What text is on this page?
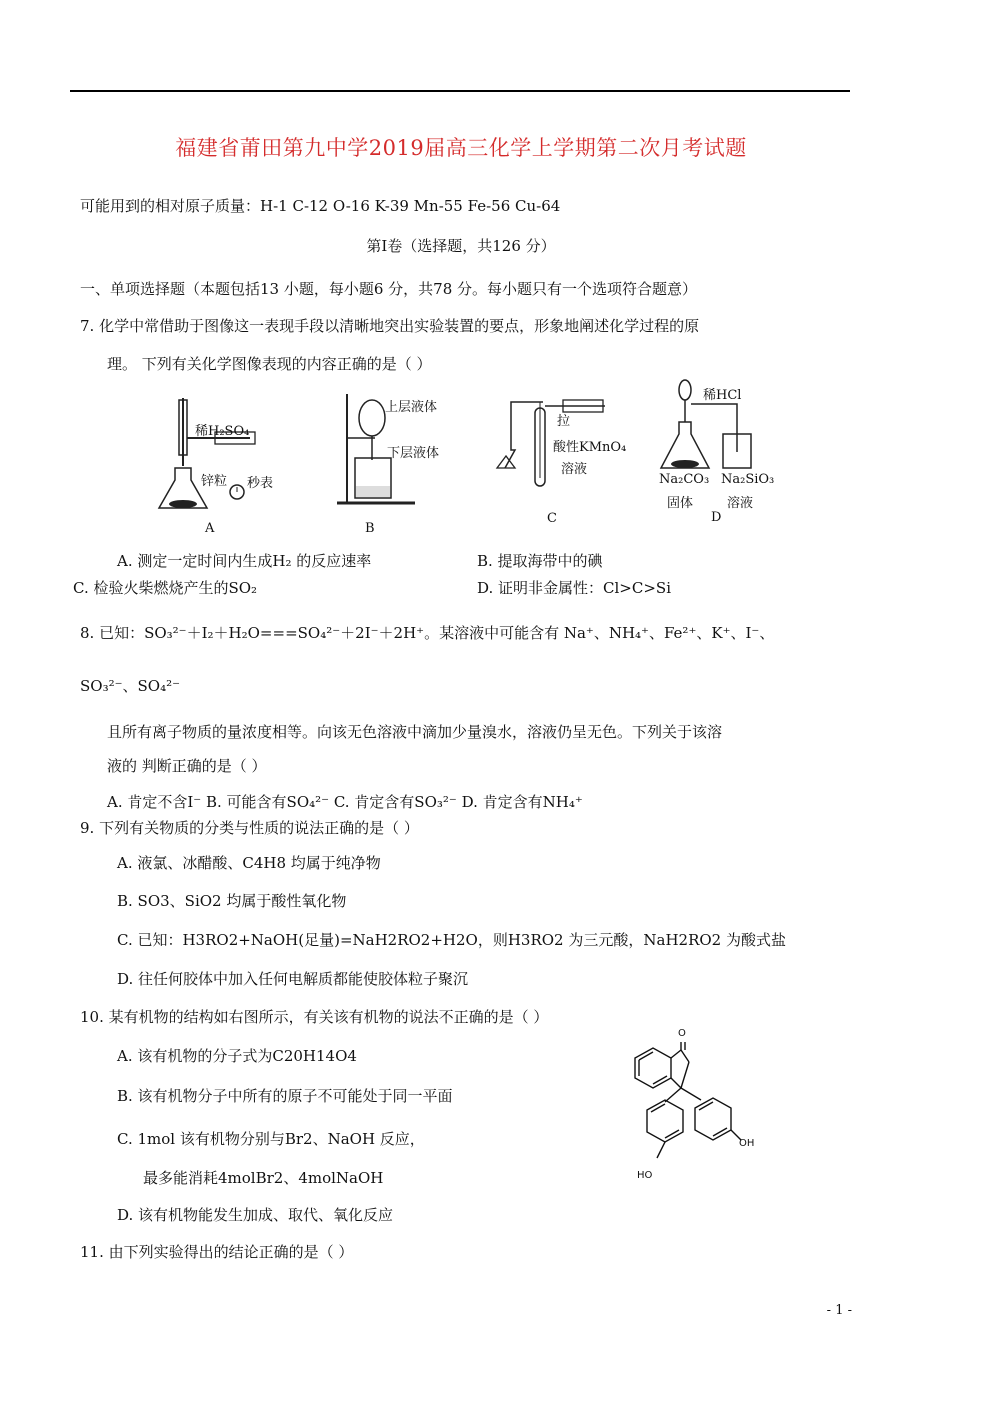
福建省莆田第九中学2019届高三化学上学期第二次月考试题
可能用到的相对原子质量：H-1 C-12 O-16 K-39 Mn-55 Fe-56 Cu-64
第Ⅰ卷（选择题，共126 分）
一、单项选择题（本题包括13 小题，每小题6 分，共78 分。每小题只有一个选项符合题意）
7. 化学中常借助于图像这一表现手段以清晰地突出实验装置的要点，形象地阐述化学过程的原
理。 下列有关化学图像表现的内容正确的是（ ）
稀H₂SO₄
锌粒 秒表
A
上层液体
下层液体
B
拉
酸性KMnO₄
溶液
C
稀HCl
Na₂CO₃
固体
Na₂SiO₃
溶液
D
A. 测定一定时间内生成H₂ 的反应速率	B. 提取海带中的碘
C. 检验火柴燃烧产生的SO₂	D. 证明非金属性：Cl>C>Si
8. 已知：SO₃²⁻＋I₂＋H₂O===SO₄²⁻＋2I⁻＋2H⁺。某溶液中可能含有 Na⁺、NH₄⁺、Fe²⁺、K⁺、I⁻、
SO₃²⁻、SO₄²⁻
且所有离子物质的量浓度相等。向该无色溶液中滴加少量溴水，溶液仍呈无色。下列关于该溶
液的 判断正确的是（ ）
A. 肯定不含I⁻ B. 可能含有SO₄²⁻ C. 肯定含有SO₃²⁻ D. 肯定含有NH₄⁺
9. 下列有关物质的分类与性质的说法正确的是（ ）
A. 液氯、冰醋酸、C4H8 均属于纯净物
B. SO3、SiO2 均属于酸性氧化物
C. 已知：H3RO2+NaOH(足量)=NaH2RO2+H2O，则H3RO2 为三元酸，NaH2RO2 为酸式盐
D. 往任何胶体中加入任何电解质都能使胶体粒子聚沉
10. 某有机物的结构如右图所示，有关该有机物的说法不正确的是（ ）
A. 该有机物的分子式为C20H14O4
B. 该有机物分子中所有的原子不可能处于同一平面
C. 1mol 该有机物分别与Br2、NaOH 反应，
最多能消耗4molBr2、4molNaOH
D. 该有机物能发生加成、取代、氧化反应
O
OH
HO
11. 由下列实验得出的结论正确的是（ ）
- 1 -
